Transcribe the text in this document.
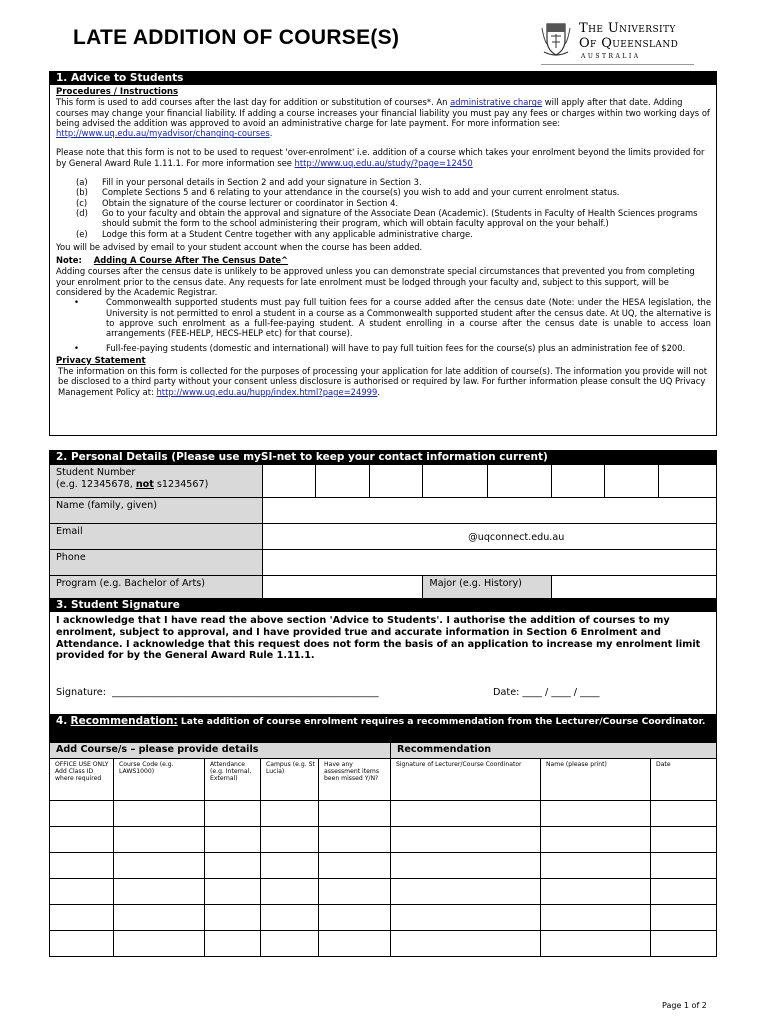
LATE ADDITION OF COURSE(S)	The University
Of Queensland
AUSTRALIA
1. Advice to Students
Procedures / Instructions

This form is used to add courses after the last day for addition or substitution of courses*. An administrative charge will apply after that date. Adding courses may change your financial liability. If adding a course increases your financial liability you must pay any fees or charges within two working days of being advised the addition was approved to avoid an administrative charge for late payment. For more information see: http://www.uq.edu.au/myadvisor/changing-courses.

Please note that this form is not to be used to request 'over-enrolment' i.e. addition of a course which takes your enrolment beyond the limits provided for by General Award Rule 1.11.1. For more information see http://www.uq.edu.au/study/?page=12450

(a)	Fill in your personal details in Section 2 and add your signature in Section 3.
(b)	Complete Sections 5 and 6 relating to your attendance in the course(s) you wish to add and your current enrolment status.
(c)	Obtain the signature of the course lecturer or coordinator in Section 4.
(d)	Go to your faculty and obtain the approval and signature of the Associate Dean (Academic). (Students in Faculty of Health Sciences programs should submit the form to the school administering their program, which will obtain faculty approval on the your behalf.)
(e)	Lodge this form at a Student Centre together with any applicable administrative charge.

You will be advised by email to your student account when the course has been added.

Note: Adding A Course After The Census Date^

Adding courses after the census date is unlikely to be approved unless you can demonstrate special circumstances that prevented you from completing your enrolment prior to the census date. Any requests for late enrolment must be lodged through your faculty and, subject to this support, will be considered by the Academic Registrar.

•	Commonwealth supported students must pay full tuition fees for a course added after the census date (Note: under the HESA legislation, the University is not permitted to enrol a student in a course as a Commonwealth supported student after the census date. At UQ, the alternative is to approve such enrolment as a full-fee-paying student. A student enrolling in a course after the census date is unable to access loan arrangements (FEE-HELP, HECS-HELP etc) for that course).
•	Full-fee-paying students (domestic and international) will have to pay full tuition fees for the course(s) plus an administration fee of $200.
Privacy Statement

The information on this form is collected for the purposes of processing your application for late addition of course(s). The information you provide will not be disclosed to a third party without your consent unless disclosure is authorised or required by law. For further information please consult the UQ Privacy Management Policy at: http://www.uq.edu.au/hupp/index.html?page=24999.

2. Personal Details (Please use mySI-net to keep your contact information current)
Student Number
(e.g. 12345678, not s1234567)								
Name (family, given)								
Email	@uqconnect.edu.au							
Phone								
Program (e.g. Bachelor of Arts)				Major (e.g. History)				
3. Student Signature
I acknowledge that I have read the above section 'Advice to Students'. I authorise the addition of courses to my enrolment, subject to approval, and I have provided true and accurate information in Section 6 Enrolment and Attendance. I acknowledge that this request does not form the basis of an application to increase my enrolment limit provided for by the General Award Rule 1.11.1.
Signature: _______________________________________________________	Date: ____ / ____ / ____
4. Recommendation: Late addition of course enrolment requires a recommendation from the Lecturer/Course Coordinator.
Add Course/s – please provide details					Recommendation		
OFFICE USE ONLY Add Class ID where required	Course Code (e.g. LAWS1000)	Attendance (e.g. Internal, External)	Campus (e.g. St Lucia)	Have any assessment items been missed Y/N?	Signature of Lecturer/Course Coordinator	Name (please print)	Date

Page 1 of 2
